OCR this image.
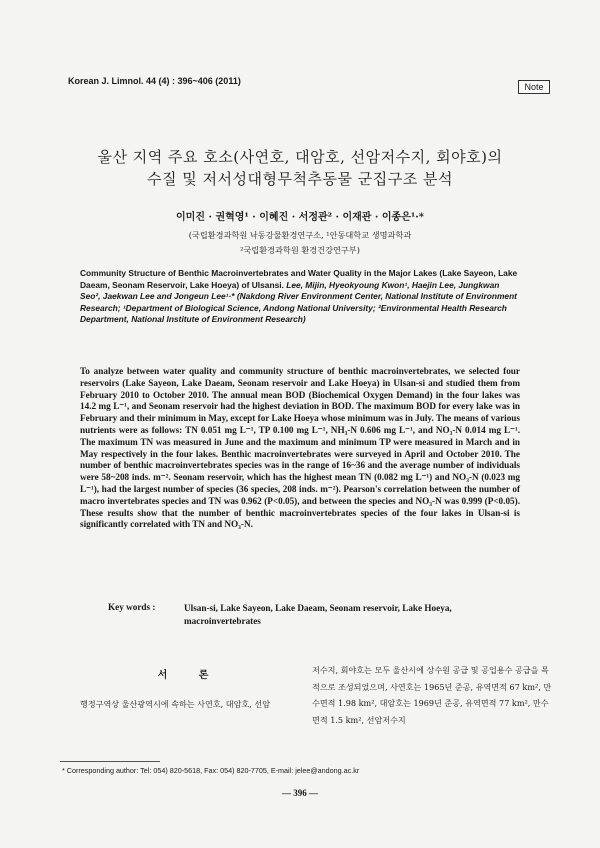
Korean J. Limnol. 44 (4) : 396~406 (2011)
Note
울산 지역 주요 호소(사연호, 대암호, 선암저수지, 회야호)의
수질 및 저서성대형무척추동물 군집구조 분석
이미진 · 권혁영¹ · 이혜진 · 서정관² · 이재관 · 이종은¹·*
(국립환경과학원 낙동강물환경연구소, ¹안동대학교 생명과학과
²국립환경과학원 환경건강연구부)
Community Structure of Benthic Macroinvertebrates and Water Quality in the Major Lakes (Lake Sayeon, Lake Daeam, Seonam Reservoir, Lake Hoeya) of Ulsansi. Lee, Mijin, Hyeokyoung Kwon¹, Haejin Lee, Jungkwan Seo², Jaekwan Lee and Jongeun Lee¹·* (Nakdong River Environment Center, National Institute of Environment Research; ¹Department of Biological Science, Andong National University; ²Environmental Health Research Department, National Institute of Environment Research)
To analyze between water quality and community structure of benthic macroinvertebrates, we selected four reservoirs (Lake Sayeon, Lake Daeam, Seonam reservoir and Lake Hoeya) in Ulsan-si and studied them from February 2010 to October 2010. The annual mean BOD (Biochemical Oxygen Demand) in the four lakes was 14.2 mg L⁻¹, and Seonam reservoir had the highest deviation in BOD. The maximum BOD for every lake was in February and their minimum in May, except for Lake Hoeya whose minimum was in July. The means of various nutrients were as follows: TN 0.051 mg L⁻¹, TP 0.100 mg L⁻¹, NH₃-N 0.606 mg L⁻¹, and NO₃-N 0.014 mg L⁻¹. The maximum TN was measured in June and the maximum and minimum TP were measured in March and in May respectively in the four lakes. Benthic macroinvertebrates were surveyed in April and October 2010. The number of benthic macroinvertebrates species was in the range of 16~36 and the average number of individuals were 58~208 inds. m⁻². Seonam reservoir, which has the highest mean TN (0.082 mg L⁻¹) and NO₃-N (0.023 mg L⁻¹), had the largest number of species (36 species, 208 inds. m⁻²). Pearson's correlation between the number of macro invertebrates species and TN was 0.962 (P<0.05), and between the species and NO₃-N was 0.999 (P<0.05). These results show that the number of benthic macroinvertebrates species of the four lakes in Ulsan-si is significantly correlated with TN and NO₃-N.
Key words :	Ulsan-si, Lake Sayeon, Lake Daeam, Seonam reservoir, Lake Hoeya, macroinvertebrates
서 론
행정구역상 울산광역시에 속하는 사연호, 대암호, 선암
저수지, 회야호는 모두 울산시에 상수원 공급 및 공업용수 공급을 목적으로 조성되었으며, 사연호는 1965년 준공, 유역면적 67 km², 만수면적 1.98 km², 대암호는 1969년 준공, 유역면적 77 km², 만수면적 1.5 km², 선암저수지
* Corresponding author: Tel: 054) 820-5618, Fax: 054) 820-7705, E-mail: jelee@andong.ac.kr
— 396 —
